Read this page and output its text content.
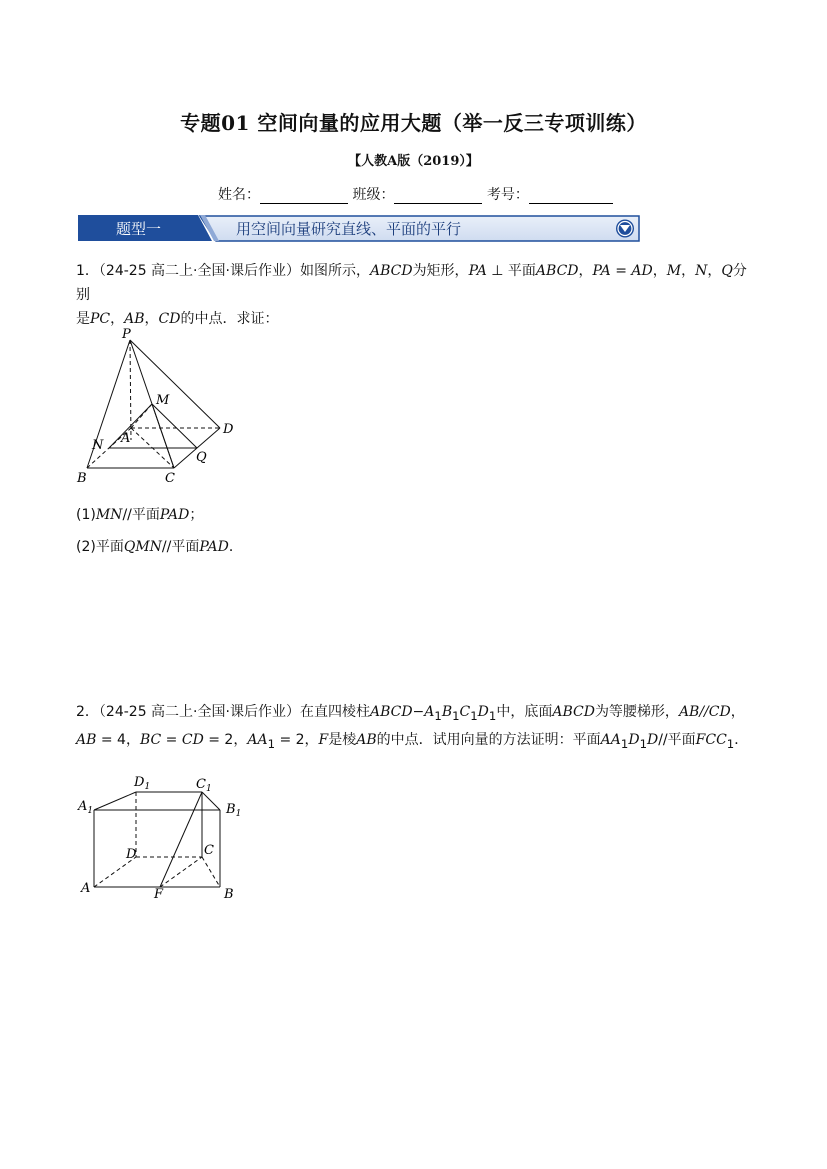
专题01 空间向量的应用大题（举一反三专项训练）
【人教A版（2019）】
姓名：	班级：	考号：
题型一	用空间向量研究直线、平面的平行
1．（24-25 高二上·全国·课后作业）如图所示，ABCD为矩形，PA ⊥ 平面ABCD，PA = AD，M，N，Q分别
是PC，AB，CD的中点．求证：
P
M
A
D
N
Q
B	C
(1)MN//平面PAD；
(2)平面QMN//平面PAD．
2．（24-25 高二上·全国·课后作业）在直四棱柱$ABCD-A_1B_1C_1D_1$中，底面ABCD为等腰梯形，AB//CD，
AB = 4，BC = CD = 2，$AA_1 = 2$，F是棱AB的中点．试用向量的方法证明：平面$AA_1D_1D//$平面$FCC_1$．
$A_1$
$D_1$	$C_1$
$B_1$
D	C
A	F	B
